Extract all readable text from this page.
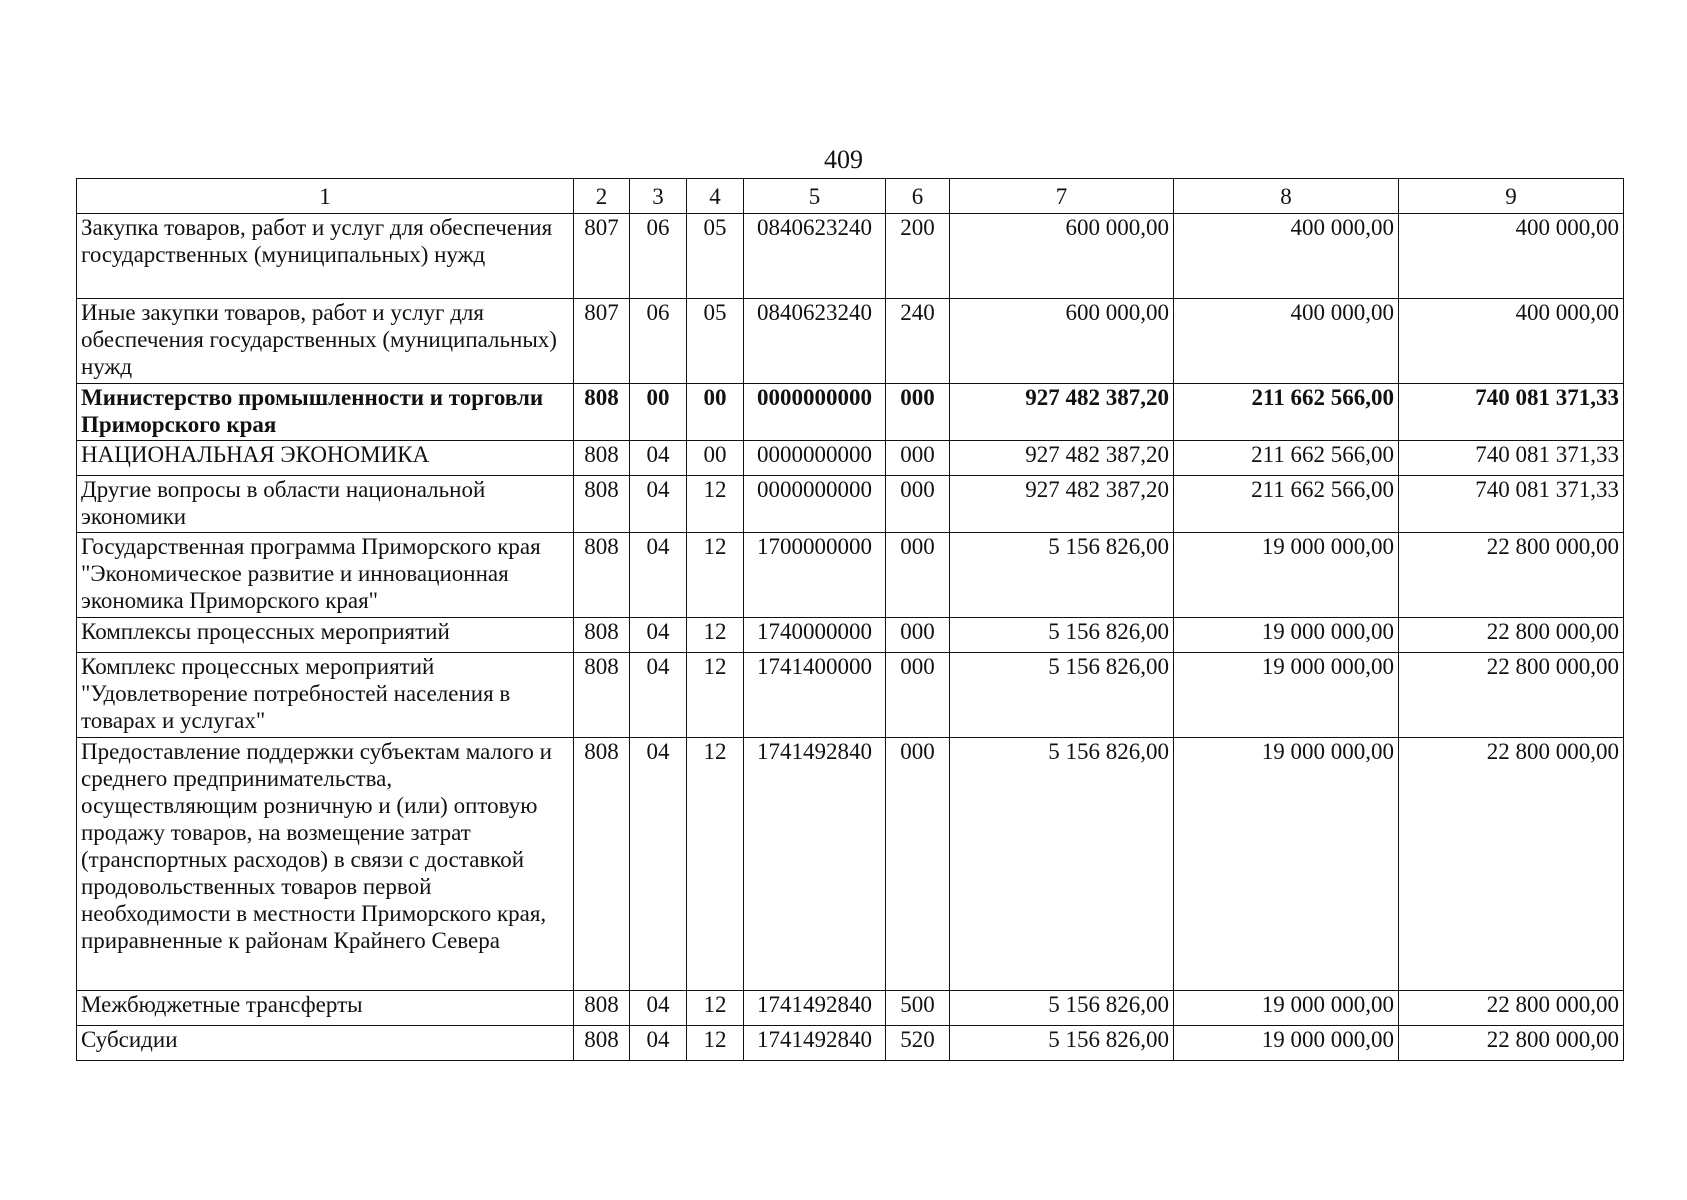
409
1	2	3	4	5	6	7	8	9
Закупка товаров, работ и услуг для обеспечения государственных (муниципальных) нужд	807	06	05	0840623240	200	600 000,00	400 000,00	400 000,00
Иные закупки товаров, работ и услуг для обеспечения государственных (муниципальных) нужд	807	06	05	0840623240	240	600 000,00	400 000,00	400 000,00
Министерство промышленности и торговли Приморского края	808	00	00	0000000000	000	927 482 387,20	211 662 566,00	740 081 371,33
НАЦИОНАЛЬНАЯ ЭКОНОМИКА	808	04	00	0000000000	000	927 482 387,20	211 662 566,00	740 081 371,33
Другие вопросы в области национальной экономики	808	04	12	0000000000	000	927 482 387,20	211 662 566,00	740 081 371,33
Государственная программа Приморского края "Экономическое развитие и инновационная экономика Приморского края"	808	04	12	1700000000	000	5 156 826,00	19 000 000,00	22 800 000,00
Комплексы процессных мероприятий	808	04	12	1740000000	000	5 156 826,00	19 000 000,00	22 800 000,00
Комплекс процессных мероприятий "Удовлетворение потребностей населения в товарах и услугах"	808	04	12	1741400000	000	5 156 826,00	19 000 000,00	22 800 000,00
Предоставление поддержки субъектам малого и среднего предпринимательства, осуществляющим розничную и (или) оптовую продажу товаров, на возмещение затрат (транспортных расходов) в связи с доставкой продовольственных товаров первой необходимости в местности Приморского края, приравненные к районам Крайнего Севера	808	04	12	1741492840	000	5 156 826,00	19 000 000,00	22 800 000,00
Межбюджетные трансферты	808	04	12	1741492840	500	5 156 826,00	19 000 000,00	22 800 000,00
Субсидии	808	04	12	1741492840	520	5 156 826,00	19 000 000,00	22 800 000,00
